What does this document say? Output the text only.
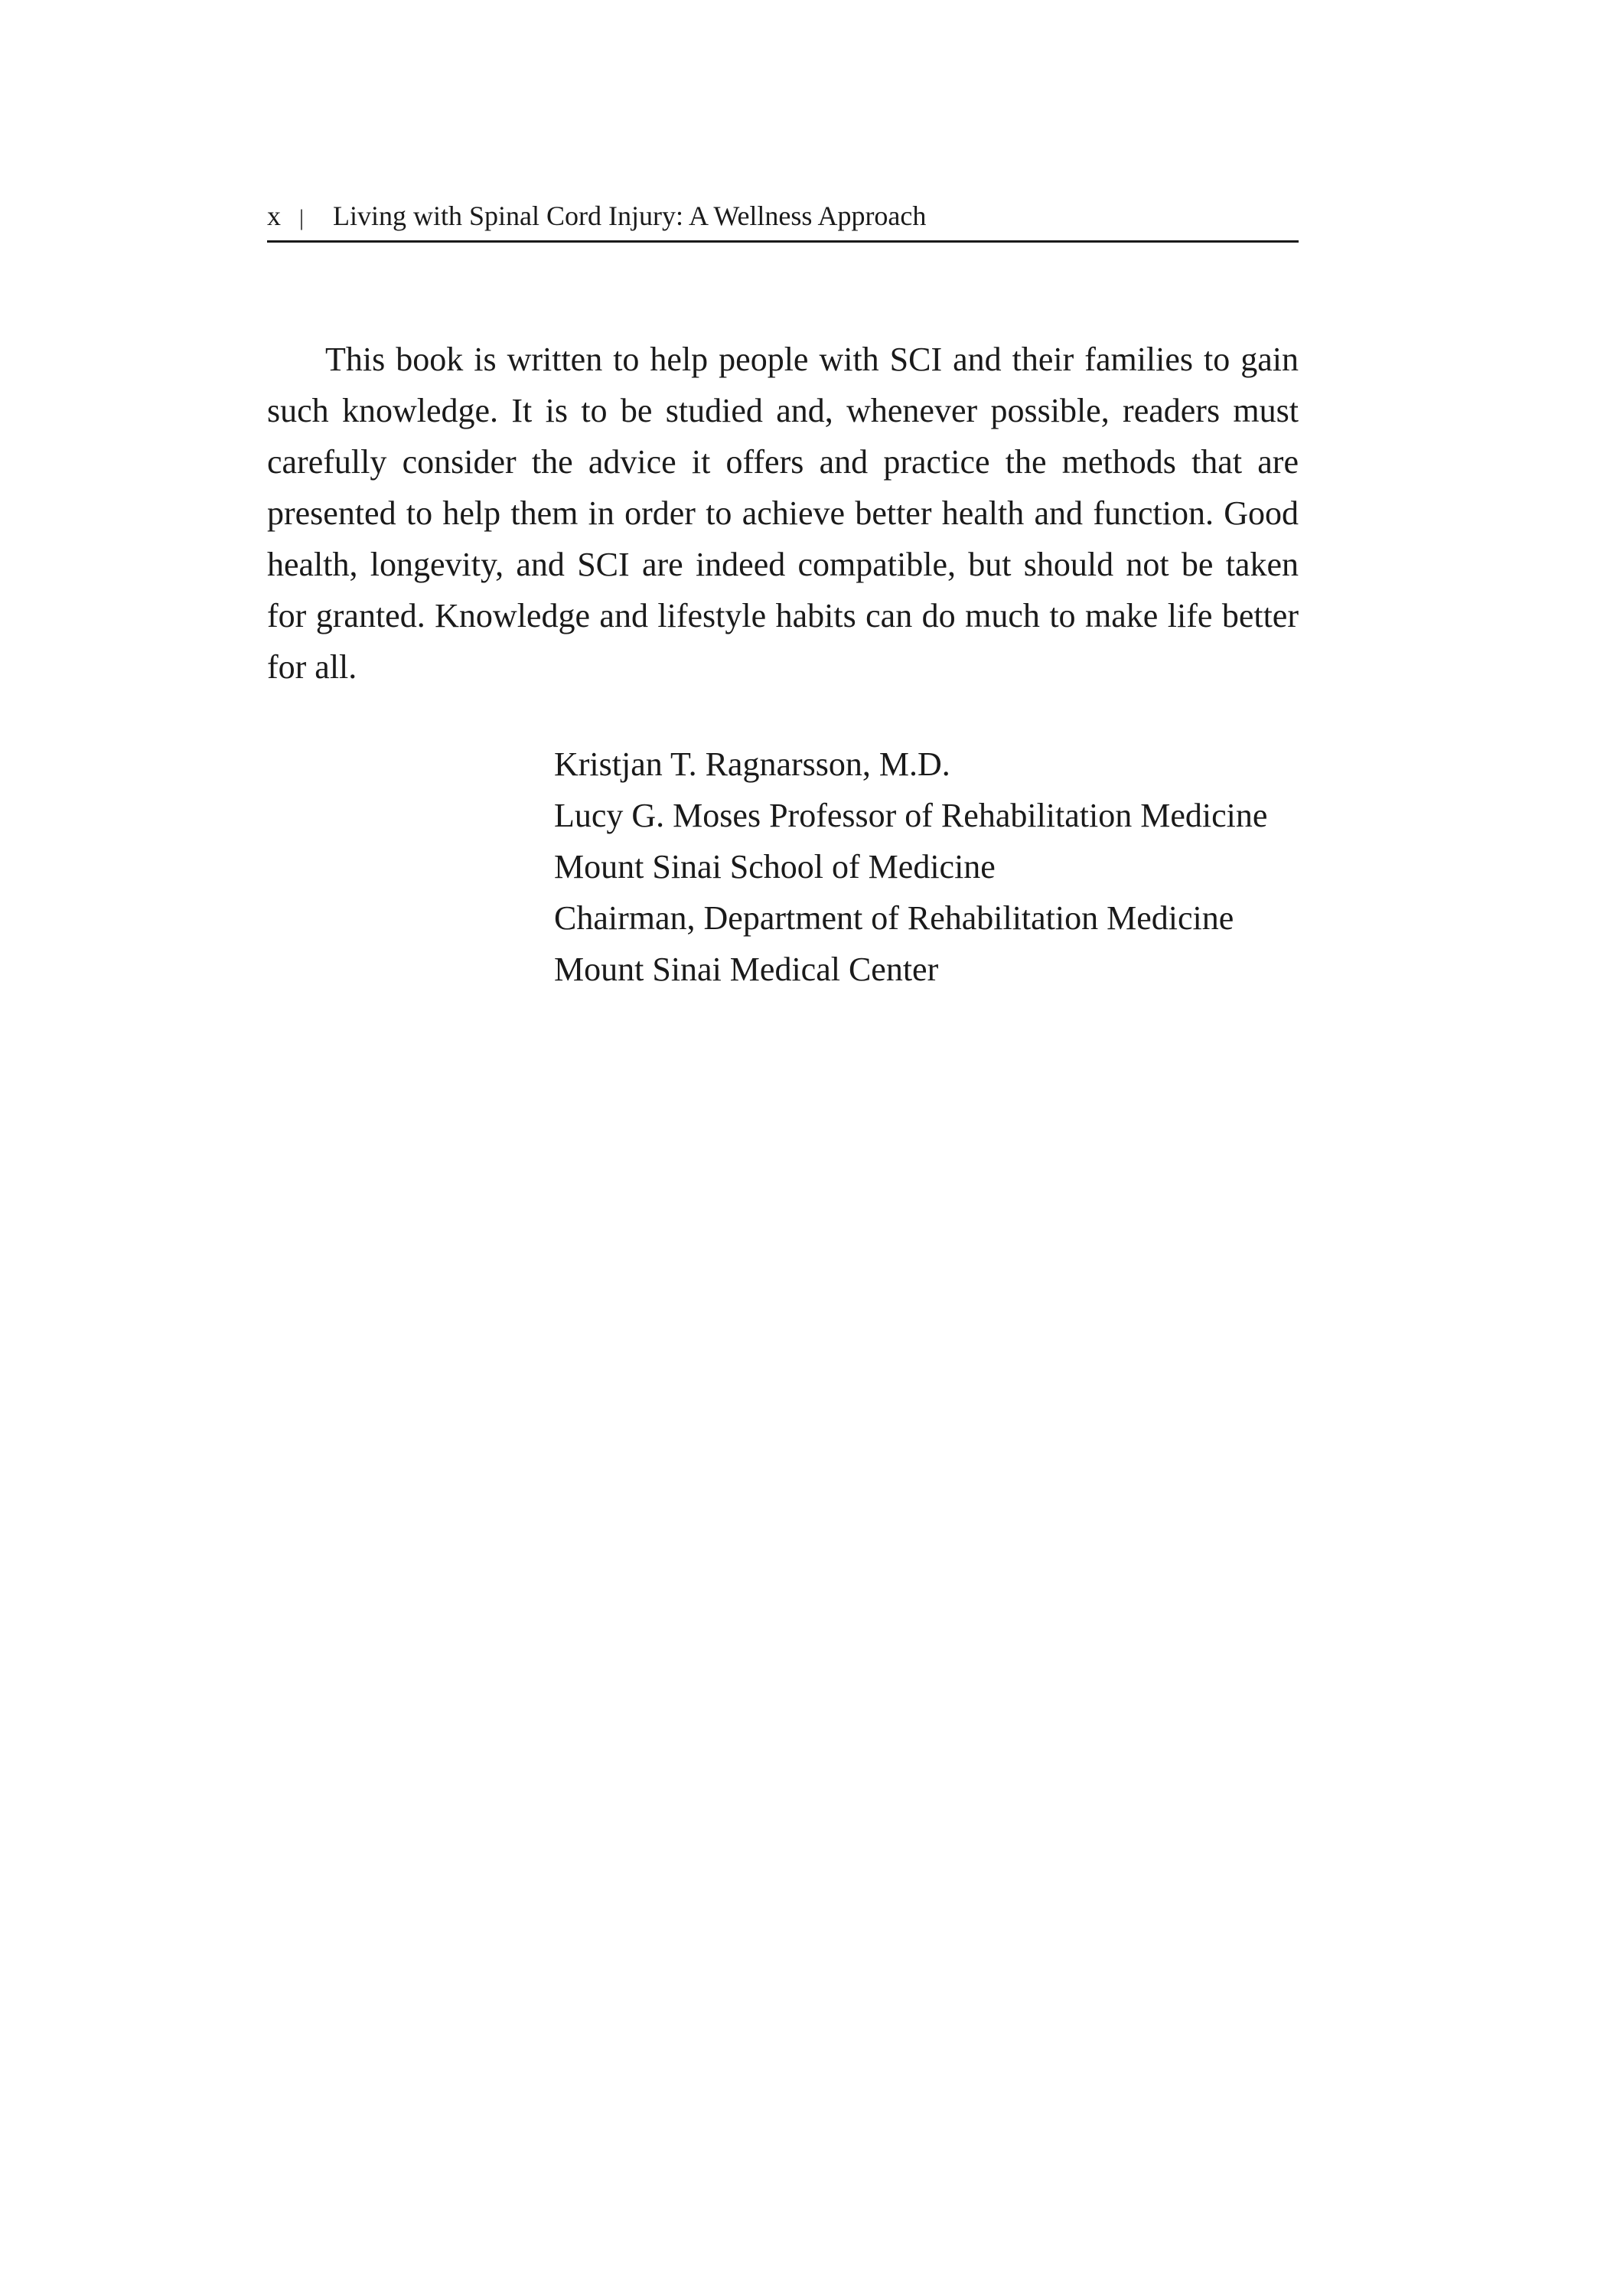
x | Living with Spinal Cord Injury: A Wellness Approach

This book is written to help people with SCI and their families to gain such knowledge. It is to be studied and, whenever possible, readers must carefully consider the advice it offers and practice the methods that are presented to help them in order to achieve better health and function. Good health, longevity, and SCI are indeed compatible, but should not be taken for granted. Knowledge and lifestyle habits can do much to make life better for all.

Kristjan T. Ragnarsson, M.D.
Lucy G. Moses Professor of Rehabilitation Medicine
Mount Sinai School of Medicine
Chairman, Department of Rehabilitation Medicine
Mount Sinai Medical Center
